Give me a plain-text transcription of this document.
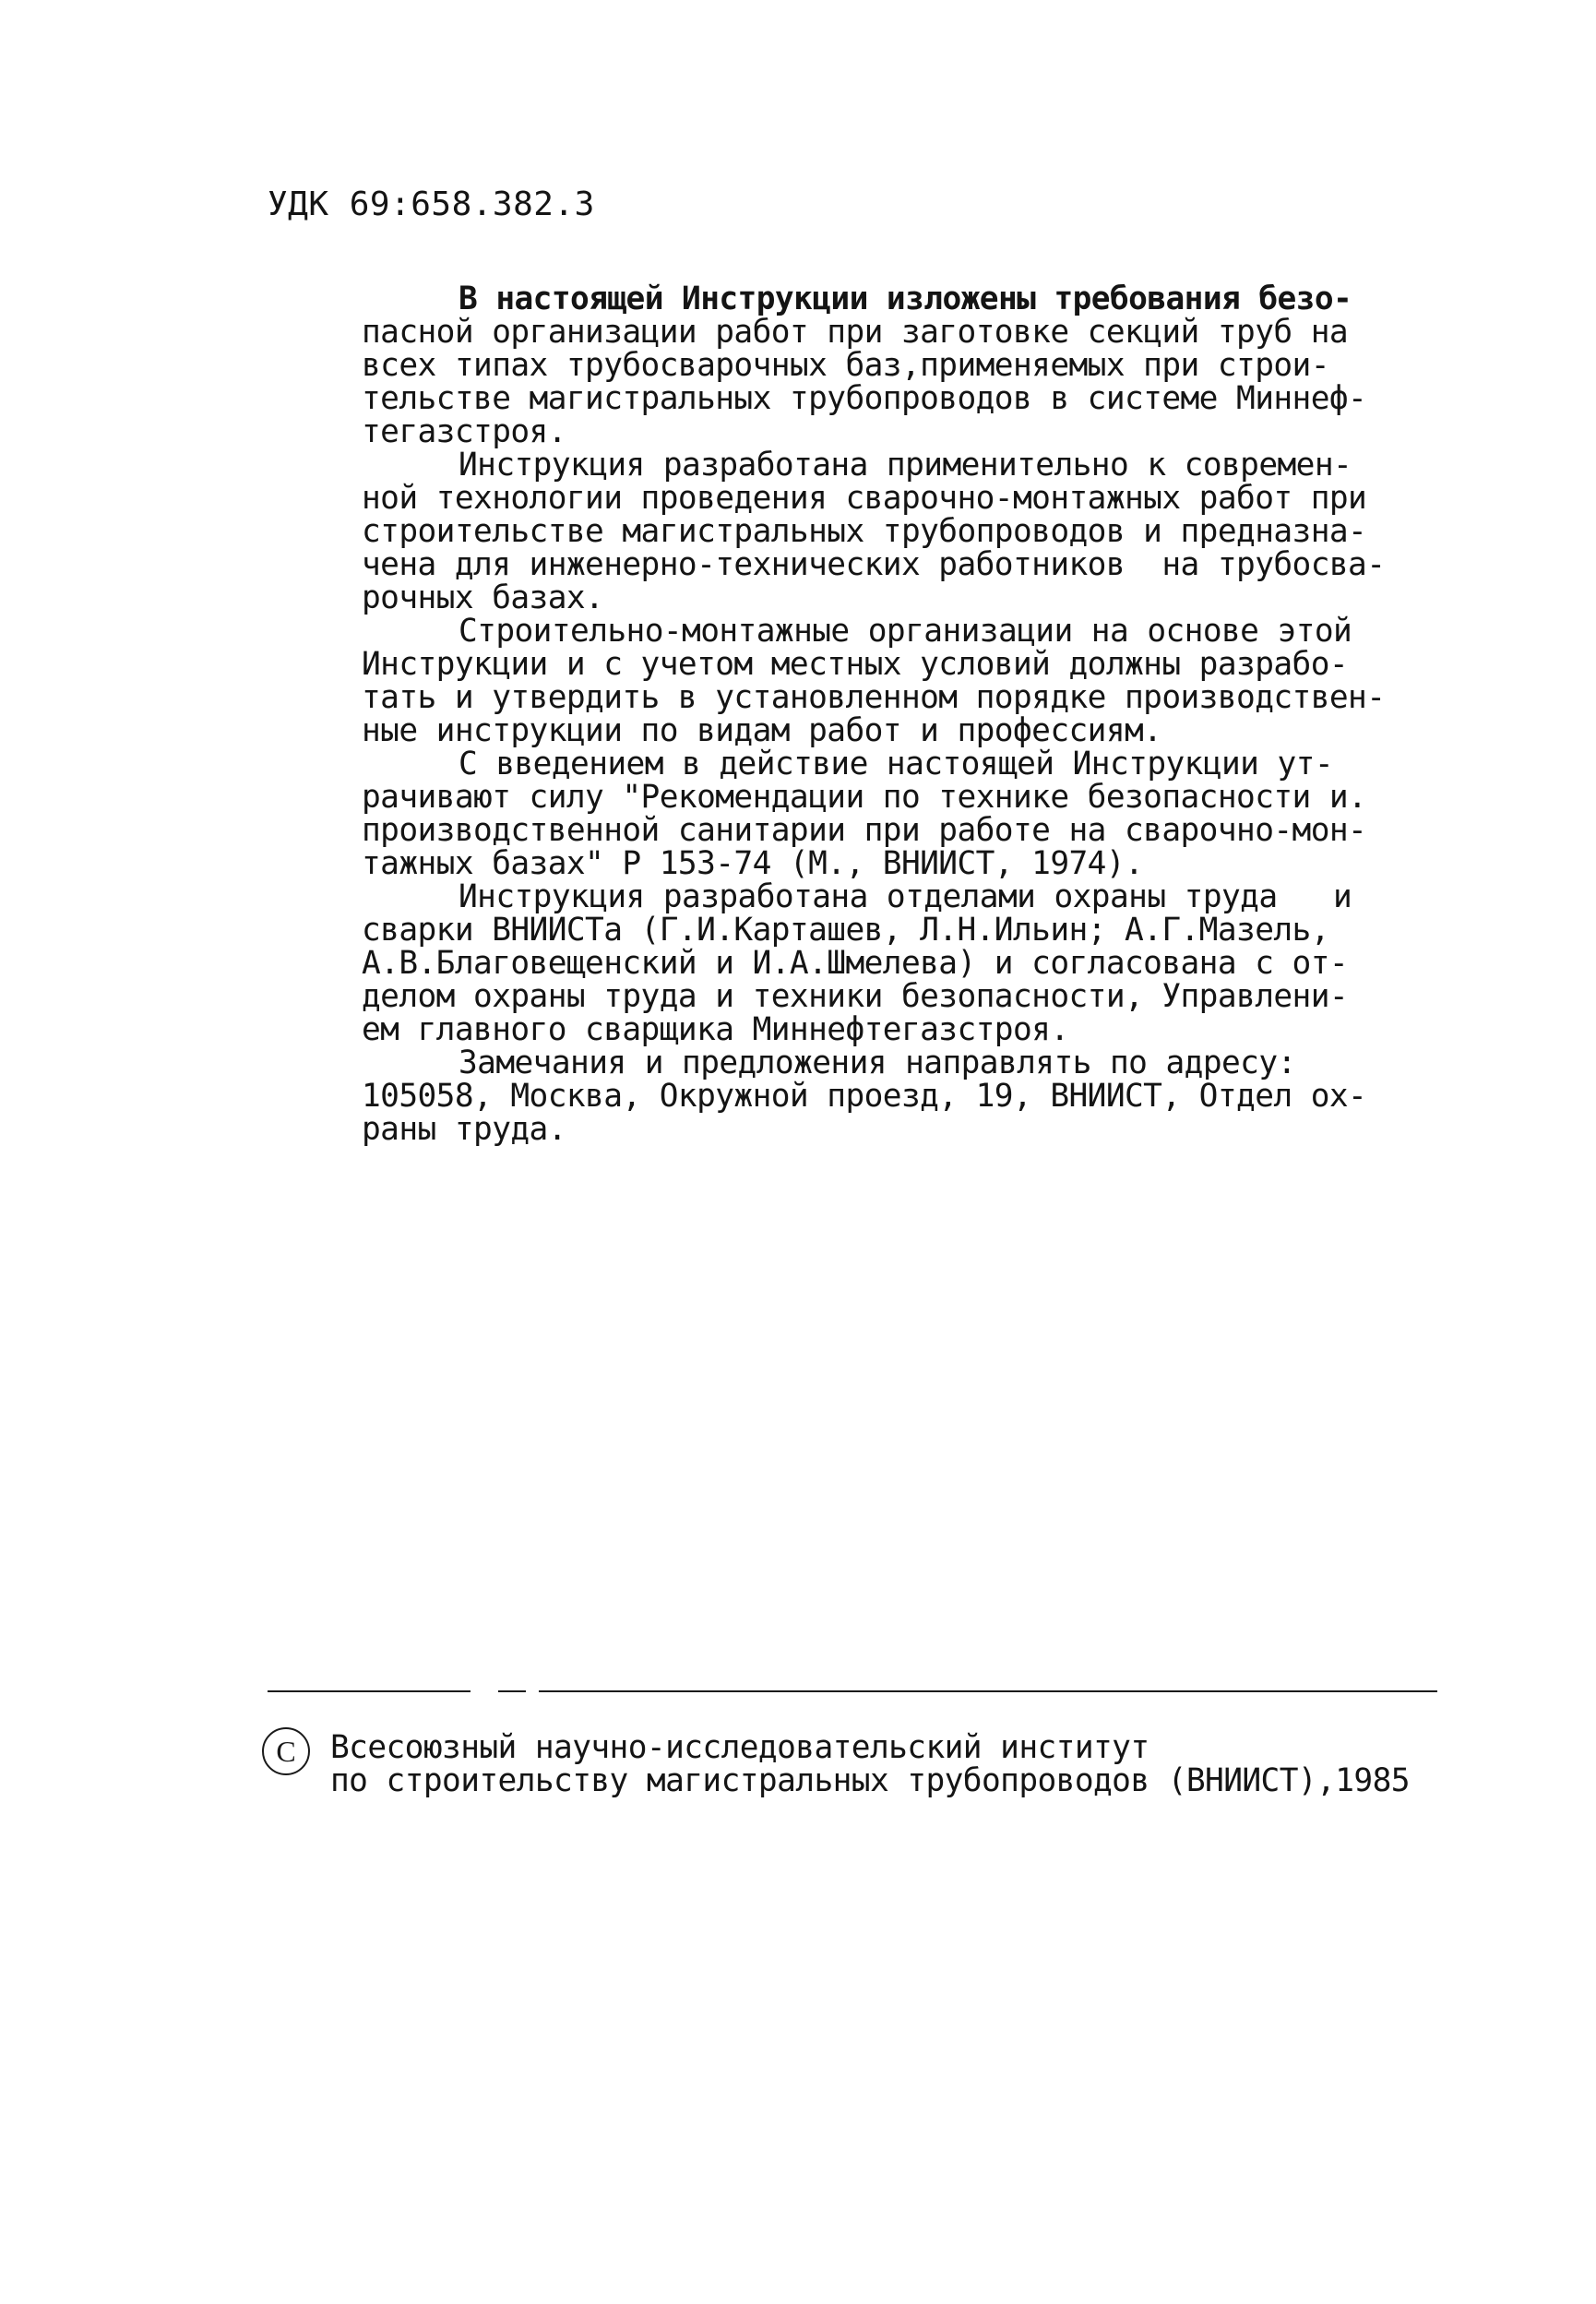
УДК 69:658.382.3
В настоящей Инструкции изложены требования безо-
пасной организации работ при заготовке секций труб на
всех типах трубосварочных баз,применяемых при строи-
тельстве магистральных трубопроводов в системе Миннеф-
тегазстроя.
Инструкция разработана применительно к современ-
ной технологии проведения сварочно-монтажных работ при
строительстве магистральных трубопроводов и предназна-
чена для инженерно-технических работников  на трубосва-
рочных базах.
Строительно-монтажные организации на основе этой
Инструкции и с учетом местных условий должны разрабо-
тать и утвердить в установленном порядке производствен-
ные инструкции по видам работ и профессиям.
С введением в действие настоящей Инструкции ут-
рачивают силу "Рекомендации по технике безопасности и.
производственной санитарии при работе на сварочно-мон-
тажных базах" Р 153-74 (М., ВНИИСТ, 1974).
Инструкция разработана отделами охраны труда   и
сварки ВНИИСТа (Г.И.Карташев, Л.Н.Ильин; А.Г.Мазель,
А.В.Благовещенский и И.А.Шмелева) и согласована с от-
делом охраны труда и техники безопасности, Управлени-
ем главного сварщика Миннефтегазстроя.
Замечания и предложения направлять по адресу:
105058, Москва, Окружной проезд, 19, ВНИИСТ, Отдел ох-
раны труда.
C	Всесоюзный научно-исследовательский институт
по строительству магистральных трубопроводов (ВНИИСТ),1985
